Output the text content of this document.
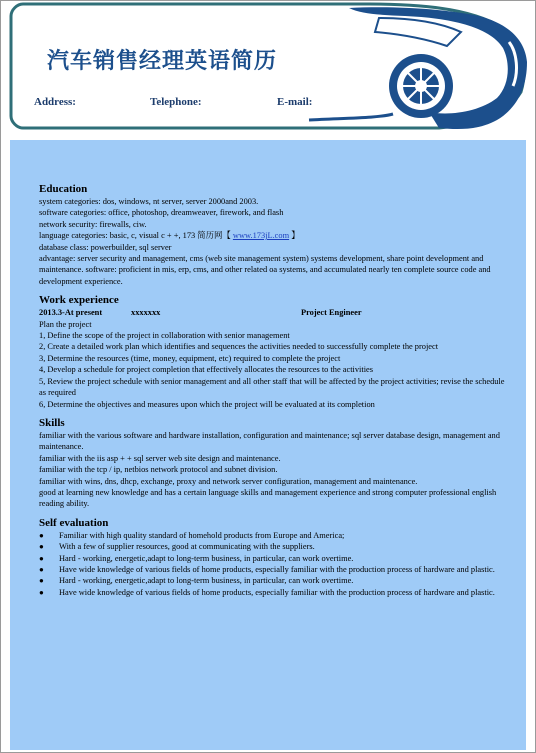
汽车销售经理英语简历
Address:	Telephone:	E-mail:
Education
system categories: dos, windows, nt server, server 2000and 2003.
software categories: office, photoshop, dreamweaver, firework, and flash
network security: firewalls, ciw.
language categories: basic, c, visual c + +, 173 简历网【 www.173jL.com 】
database class: powerbuilder, sql server
advantage: server security and management, cms (web site management system) systems development, share point development and maintenance. software: proficient in mis, erp, cms, and other related oa systems, and accumulated nearly ten complete source code and development experience.
Work experience
2013.3-At present	xxxxxxx	Project Engineer
Plan the project
1, Define the scope of the project in collaboration with senior management
2, Create a detailed work plan which identifies and sequences the activities needed to successfully complete the project
3, Determine the resources (time, money, equipment, etc) required to complete the project
4, Develop a schedule for project completion that effectively allocates the resources to the activities
5, Review the project schedule with senior management and all other staff that will be affected by the project activities; revise the schedule as required
6, Determine the objectives and measures upon which the project will be evaluated at its completion
Skills
familiar with the various software and hardware installation, configuration and maintenance; sql server database design, management and maintenance.
familiar with the iis asp + + sql server web site design and maintenance.
familiar with the tcp / ip, netbios network protocol and subnet division.
familiar with wins, dns, dhcp, exchange, proxy and network server configuration, management and maintenance.
good at learning new knowledge and has a certain language skills and management experience and strong computer professional english reading ability.
Self evaluation
● Familiar with high quality standard of homehold products from Europe and America;
● With a few of supplier resources, good at communicating with the suppliers.
● Hard - working, energetic,adapt to long-term business, in particular, can work overtime.
● Have wide knowledge of various fields of home products, especially familiar with the production process of hardware and plastic.
● Hard - working, energetic,adapt to long-term business, in particular, can work overtime.
● Have wide knowledge of various fields of home products, especially familiar with the production process of hardware and plastic.
